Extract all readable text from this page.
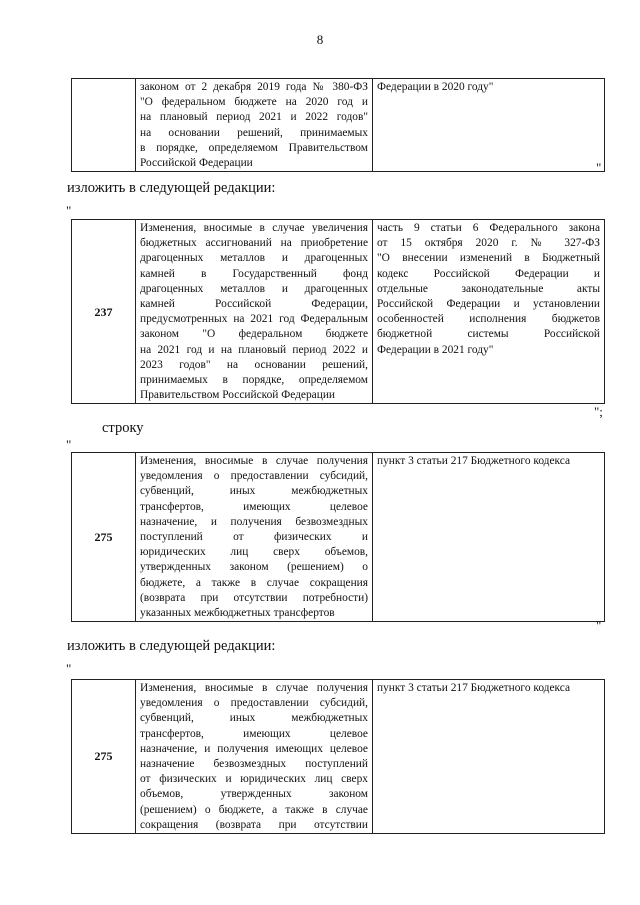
8

законом от 2 декабря 2019 года № 380-ФЗ
"О федеральном бюджете на 2020 год и
на плановый период 2021 и 2022 годов"
на основании решений, принимаемых
в порядке, определяемом Правительством
Российской Федерации

Федерации в 2020 году"
"
изложить в следующей редакции:
"
237	
Изменения, вносимые в случае увеличения
бюджетных ассигнований на приобретение
драгоценных металлов и драгоценных
камней в Государственный фонд
драгоценных металлов и драгоценных
камней Российской Федерации,
предусмотренных на 2021 год Федеральным
законом "О федеральном бюджете
на 2021 год и на плановый период 2022 и
2023 годов" на основании решений,
принимаемых в порядке, определяемом
Правительством Российской Федерации

часть 9 статьи 6 Федерального закона
от 15 октября 2020 г. № 327-ФЗ
"О внесении изменений в Бюджетный
кодекс Российской Федерации и
отдельные законодательные акты
Российской Федерации и установлении
особенностей исполнения бюджетов
бюджетной системы Российской
Федерации в 2021 году"
";
строку
"
275	
Изменения, вносимые в случае получения
уведомления о предоставлении субсидий,
субвенций, иных межбюджетных
трансфертов, имеющих целевое
назначение, и получения безвозмездных
поступлений от физических и
юридических лиц сверх объемов,
утвержденных законом (решением) о
бюджете, а также в случае сокращения
(возврата при отсутствии потребности)
указанных межбюджетных трансфертов

пункт 3 статьи 217 Бюджетного кодекса
"
изложить в следующей редакции:
"
275	
Изменения, вносимые в случае получения
уведомления о предоставлении субсидий,
субвенций, иных межбюджетных
трансфертов, имеющих целевое
назначение, и получения имеющих целевое
назначение безвозмездных поступлений
от физических и юридических лиц сверх
объемов, утвержденных законом
(решением) о бюджете, а также в случае
сокращения (возврата при отсутствии

пункт 3 статьи 217 Бюджетного кодекса
